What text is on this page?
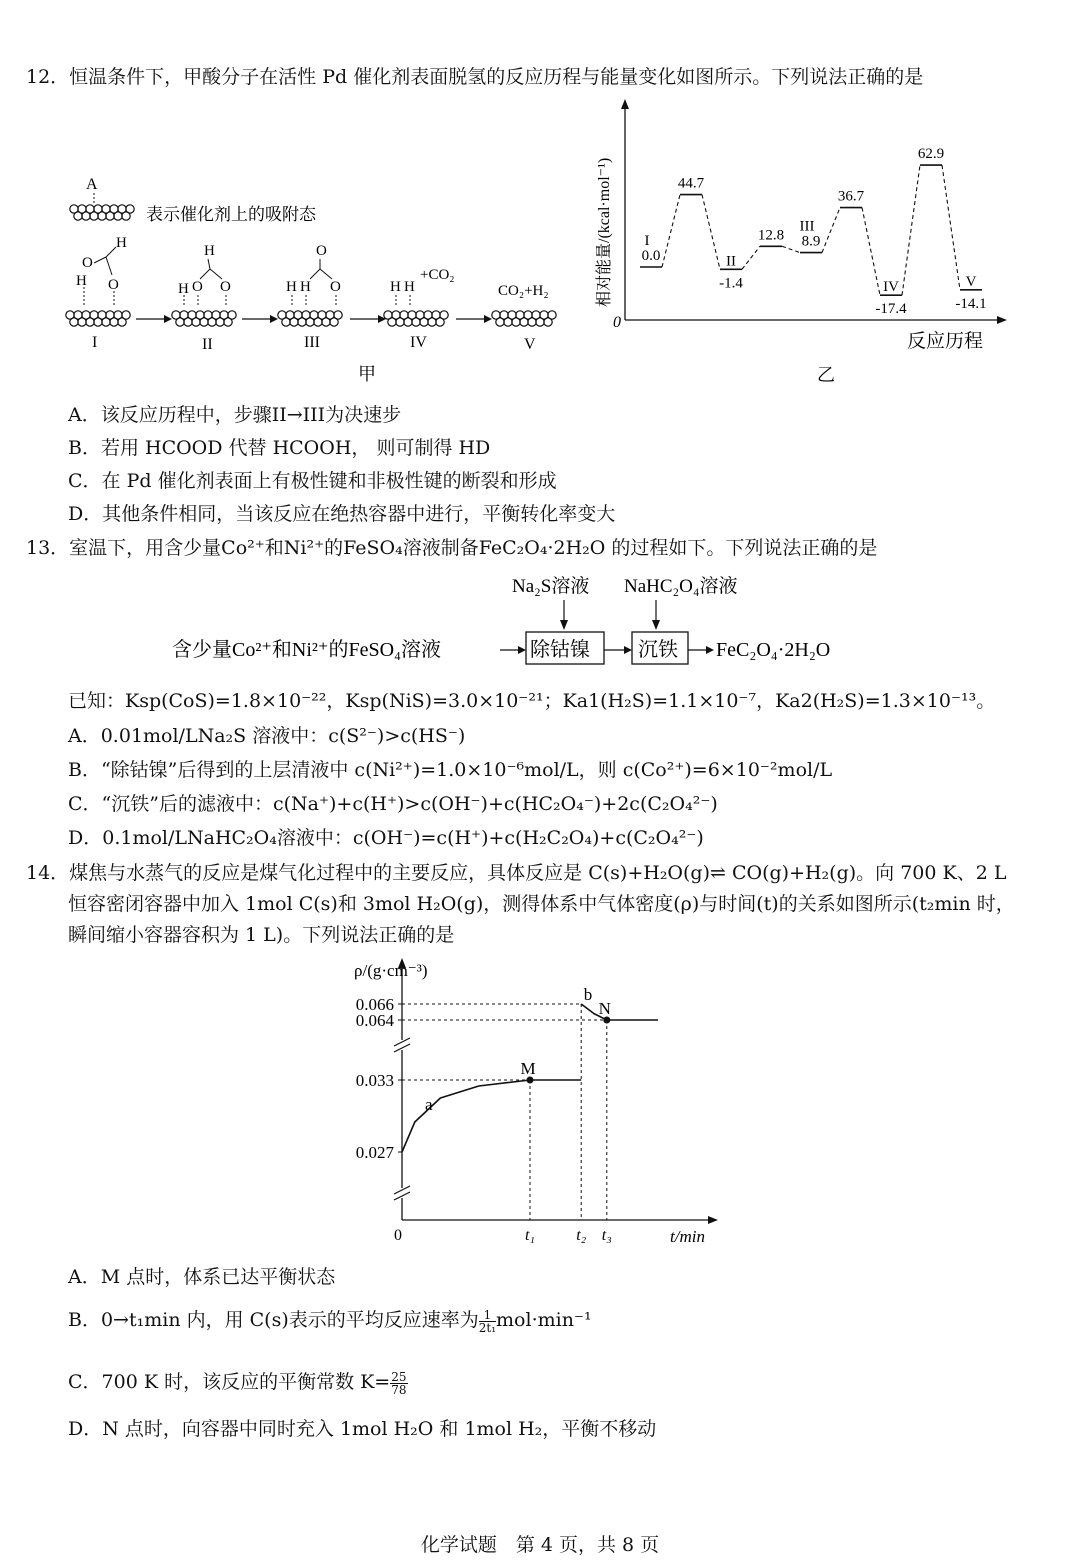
12．恒温条件下，甲酸分子在活性 Pd 催化剂表面脱氢的反应历程与能量变化如图所示。下列说法正确的是
A
表示催化剂上的吸附态
H
O
H
O
I
H
H O O
II
O
H H O
III
H H
+CO₂
IV
CO₂+H₂
V
甲
0
相对能量/(kcal·mol⁻¹)
反应历程
0.0
I
44.7
-1.4
II
12.8 8.9
III
36.7
-17.4
IV
62.9
-14.1
V
乙
A．该反应历程中，步骤II→III为决速步
B．若用 HCOOD 代替 HCOOH， 则可制得 HD
C．在 Pd 催化剂表面上有极性键和非极性键的断裂和形成
D．其他条件相同，当该反应在绝热容器中进行，平衡转化率变大
13．室温下，用含少量Co²⁺和Ni²⁺的FeSO₄溶液制备FeC₂O₄·2H₂O 的过程如下。下列说法正确的是
Na₂S溶液 NaHC₂O₄溶液
含少量Co²⁺和Ni²⁺的FeSO₄溶液	除钴镍 沉铁 FeC₂O₄·2H₂O
已知：Ksp(CoS)=1.8×10⁻²²，Ksp(NiS)=3.0×10⁻²¹；Ka1(H₂S)=1.1×10⁻⁷，Ka2(H₂S)=1.3×10⁻¹³。
A．0.01mol/LNa₂S 溶液中：c(S²⁻)>c(HS⁻)
B．“除钴镍”后得到的上层清液中 c(Ni²⁺)=1.0×10⁻⁶mol/L，则 c(Co²⁺)=6×10⁻²mol/L
C．“沉铁”后的滤液中：c(Na⁺)+c(H⁺)>c(OH⁻)+c(HC₂O₄⁻)+2c(C₂O₄²⁻)
D．0.1mol/LNaHC₂O₄溶液中：c(OH⁻)=c(H⁺)+c(H₂C₂O₄)+c(C₂O₄²⁻)
14．煤焦与水蒸气的反应是煤气化过程中的主要反应，具体反应是 C(s)+H₂O(g)⇌ CO(g)+H₂(g)。向 700 K、2 L
恒容密闭容器中加入 1mol C(s)和 3mol H₂O(g)，测得体系中气体密度(ρ)与时间(t)的关系如图所示(t₂min 时，
瞬间缩小容器容积为 1 L)。下列说法正确的是
ρ/(g·cm⁻³)
0.066
0.064
0.033
0.027
0	t₁	t₂ t₃	t/min
a
b
M
N
A．M 点时，体系已达平衡状态
B．0→t₁min 内，用 C(s)表示的平均反应速率为 $\frac{1}{\text{2t₁}} mol\cdot\min^{-1}$
C．700 K 时，该反应的平衡常数 $K= \frac{25}{78}$
D．N 点时，向容器中同时充入 1mol H₂O 和 1mol H₂，平衡不移动
化学试题　第 4 页，共 8 页
